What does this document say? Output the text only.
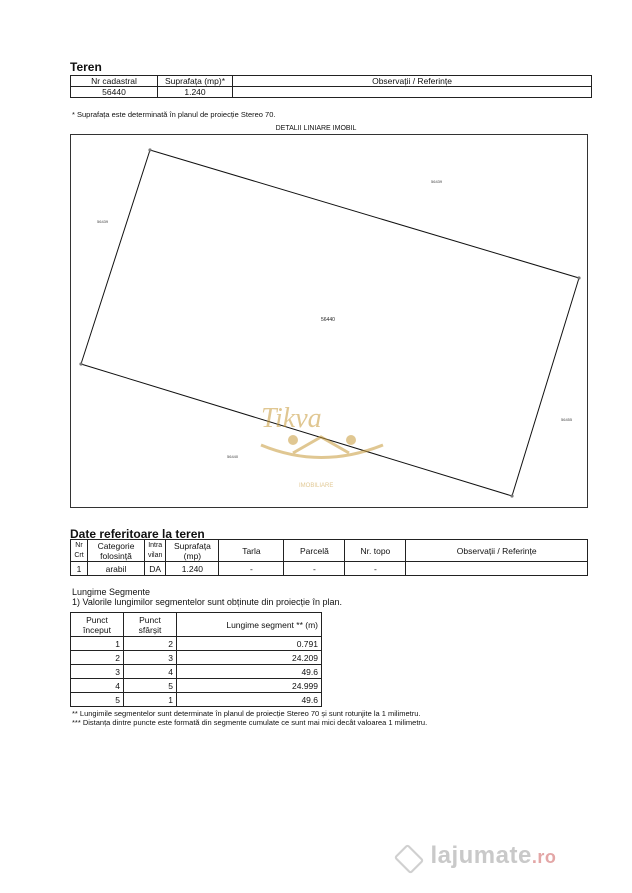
Teren
Nr cadastral	Suprafața (mp)*	Observații / Referințe
56440	1.240	
* Suprafața este determinată în planul de proiecție Stereo 70.
DETALII LINIARE IMOBIL
56439
56439
56440
56455
56440
Tikva
IMOBILIARE
Date referitoare la teren
Nr Crt	Categorie folosință	Intra vilan	Suprafața (mp)	Tarla	Parcelă	Nr. topo	Observații / Referințe
1	arabil	DA	1.240	-	-	-	
Lungime Segmente
1) Valorile lungimilor segmentelor sunt obținute din proiecție în plan.
Punct început	Punct sfârșit	Lungime segment ** (m)
1	2	0.791
2	3	24.209
3	4	49.6
4	5	24.999
5	1	49.6
** Lungimile segmentelor sunt determinate în planul de proiecție Stereo 70 și sunt rotunjite la 1 milimetru.
*** Distanța dintre puncte este formată din segmente cumulate ce sunt mai mici decât valoarea 1 milimetru.
lajumate.ro
